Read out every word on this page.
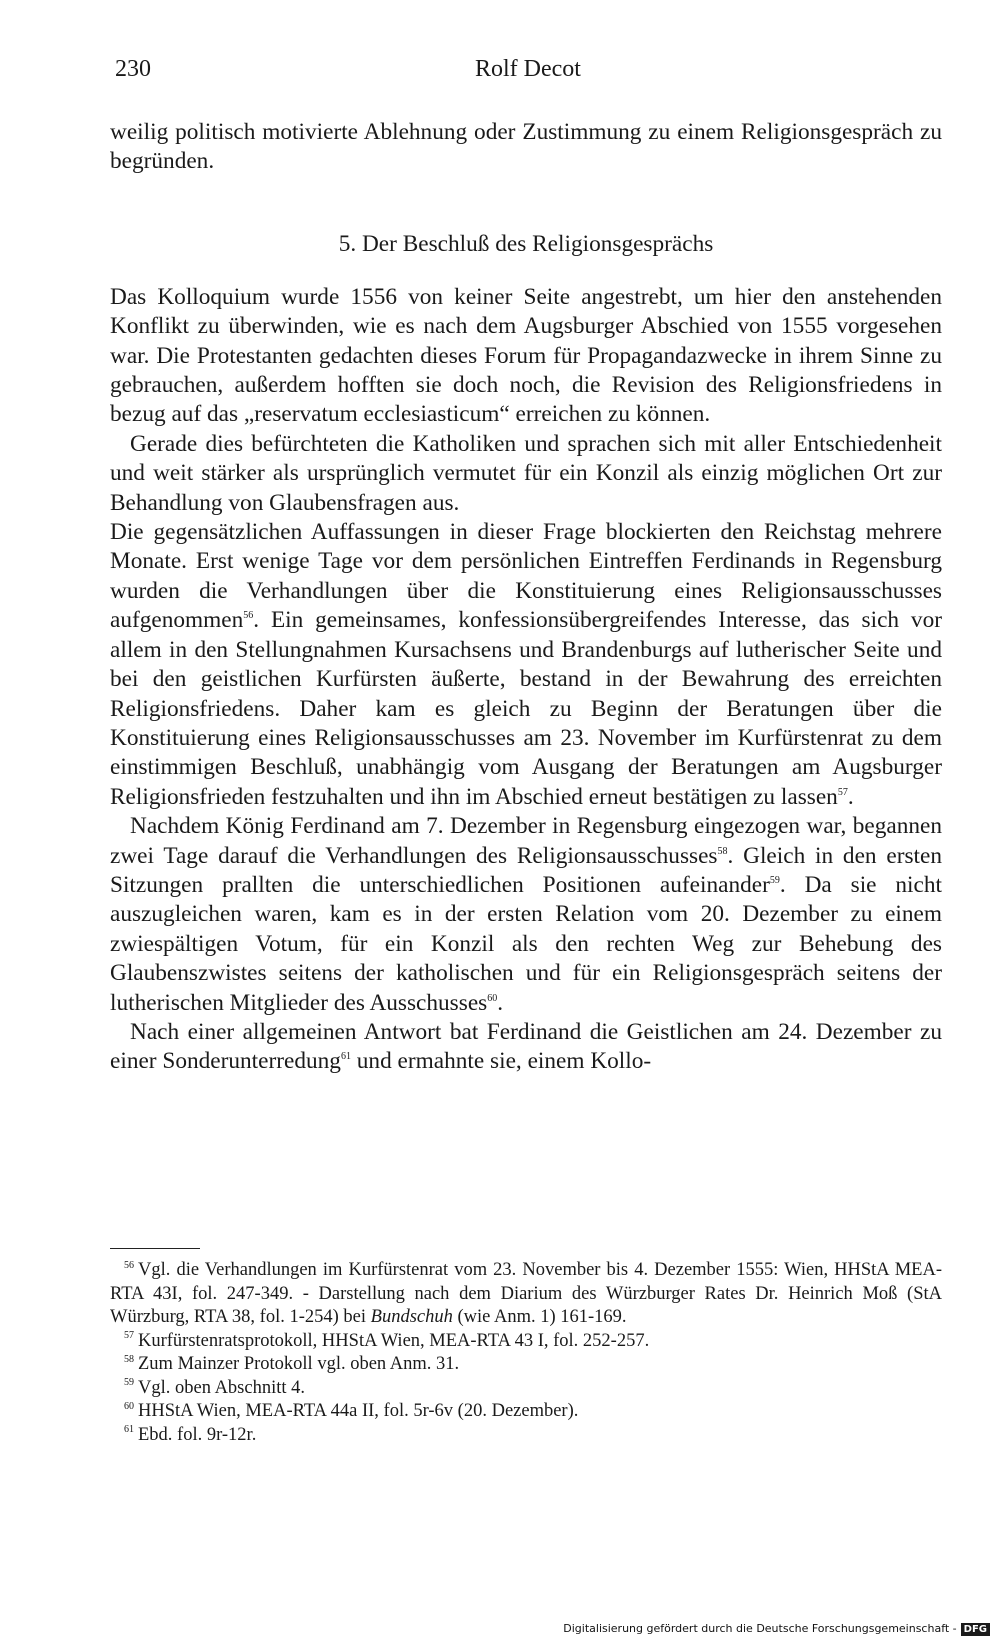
230	Rolf Decot

weilig politisch motivierte Ablehnung oder Zustimmung zu einem Religionsgespräch zu begründen.

5. Der Beschluß des Religionsgesprächs

Das Kolloquium wurde 1556 von keiner Seite angestrebt, um hier den anstehenden Konflikt zu überwinden, wie es nach dem Augsburger Abschied von 1555 vorgesehen war. Die Protestanten gedachten dieses Forum für Propagandazwecke in ihrem Sinne zu gebrauchen, außerdem hofften sie doch noch, die Revision des Religionsfriedens in bezug auf das „reservatum ecclesiasticum“ erreichen zu können.

Gerade dies befürchteten die Katholiken und sprachen sich mit aller Entschiedenheit und weit stärker als ursprünglich vermutet für ein Konzil als einzig möglichen Ort zur Behandlung von Glaubensfragen aus.

Die gegensätzlichen Auffassungen in dieser Frage blockierten den Reichstag mehrere Monate. Erst wenige Tage vor dem persönlichen Eintreffen Ferdinands in Regensburg wurden die Verhandlungen über die Konstituierung eines Religionsausschusses aufgenommen$^{56}$. Ein gemeinsames, konfessionsübergreifendes Interesse, das sich vor allem in den Stellungnahmen Kursachsens und Brandenburgs auf lutherischer Seite und bei den geistlichen Kurfürsten äußerte, bestand in der Bewahrung des erreichten Religionsfriedens. Daher kam es gleich zu Beginn der Beratungen über die Konstituierung eines Religionsausschusses am 23. November im Kurfürstenrat zu dem einstimmigen Beschluß, unabhängig vom Ausgang der Beratungen am Augsburger Religionsfrieden festzuhalten und ihn im Abschied erneut bestätigen zu lassen$^{57}$.

Nachdem König Ferdinand am 7. Dezember in Regensburg eingezogen war, begannen zwei Tage darauf die Verhandlungen des Religionsausschusses$^{58}$. Gleich in den ersten Sitzungen prallten die unterschiedlichen Positionen aufeinander$^{59}$. Da sie nicht auszugleichen waren, kam es in der ersten Relation vom 20. Dezember zu einem zwiespältigen Votum, für ein Konzil als den rechten Weg zur Behebung des Glaubenszwistes seitens der katholischen und für ein Religionsgespräch seitens der lutherischen Mitglieder des Ausschusses$^{60}$.

Nach einer allgemeinen Antwort bat Ferdinand die Geistlichen am 24. Dezember zu einer Sonderunterredung$^{61}$ und ermahnte sie, einem Kollo-

$^{56}$ Vgl. die Verhandlungen im Kurfürstenrat vom 23. November bis 4. Dezember 1555: Wien, HHStA MEA-RTA 43I, fol. 247-349. - Darstellung nach dem Diarium des Würzburger Rates Dr. Heinrich Moß (StA Würzburg, RTA 38, fol. 1-254) bei Bundschuh (wie Anm. 1) 161-169.

$^{57}$ Kurfürstenratsprotokoll, HHStA Wien, MEA-RTA 43 I, fol. 252-257.

$^{58}$ Zum Mainzer Protokoll vgl. oben Anm. 31.

$^{59}$ Vgl. oben Abschnitt 4.

$^{60}$ HHStA Wien, MEA-RTA 44a II, fol. 5r-6v (20. Dezember).

$^{61}$ Ebd. fol. 9r-12r.

Digitalisierung gefördert durch die Deutsche Forschungsgemeinschaft - DFG
